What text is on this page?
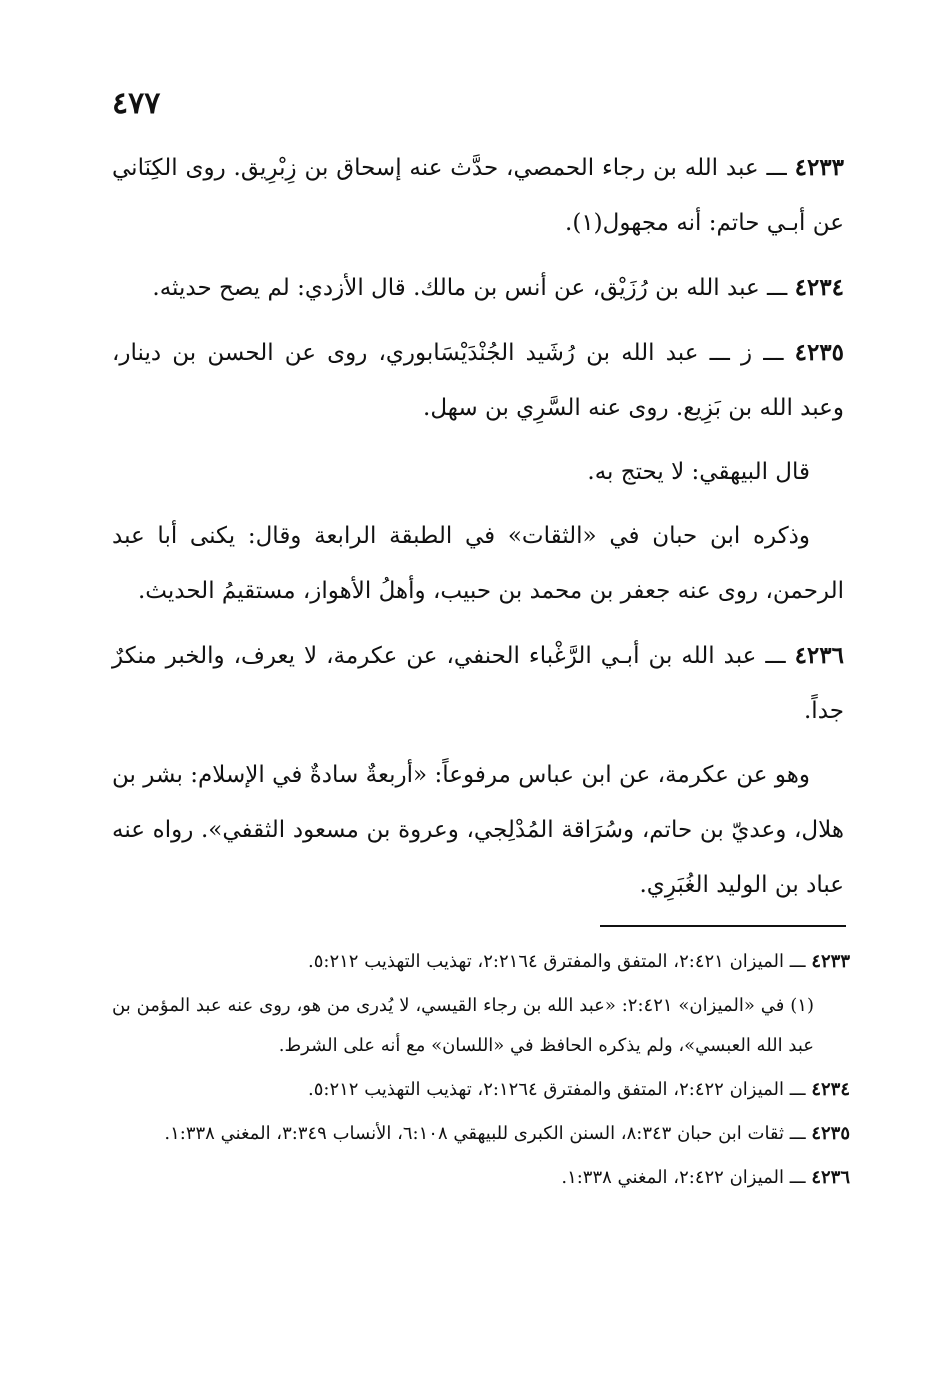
٤٧٧

٤٢٣٣ ـــ عبد الله بن رجاء الحمصي، حدَّث عنه إسحاق بن زِبْرِيق. روى الكِنَاني عن أبـي حاتم: أنه مجهول(١).

٤٢٣٤ ـــ عبد الله بن رُزَيْق، عن أنس بن مالك. قال الأزدي: لم يصح حديثه.

٤٢٣٥ ـــ ز ـــ عبد الله بن رُشَيد الجُنْدَيْسَابوري، روى عن الحسن بن دينار، وعبد الله بن بَزِيع. روى عنه السَّرِي بن سهل.

قال البيهقي: لا يحتج به.

وذكره ابن حبان في «الثقات» في الطبقة الرابعة وقال: يكنى أبا عبد الرحمن، روى عنه جعفر بن محمد بن حبيب، وأهلُ الأهواز، مستقيمُ الحديث.

٤٢٣٦ ـــ عبد الله بن أبـي الرَّغْباء الحنفي، عن عكرمة، لا يعرف، والخبر منكرٌ جداً.

وهو عن عكرمة، عن ابن عباس مرفوعاً: «أربعةٌ سادةٌ في الإسلام: بشر بن هلال، وعديّ بن حاتم، وسُرَاقة المُدْلِجي، وعروة بن مسعود الثقفي». رواه عنه عباد بن الوليد الغُبَرِي.

٤٢٣٣ ـــ الميزان ٢:٤٢١، المتفق والمفترق ٢:٢١٦٤، تهذيب التهذيب ٥:٢١٢.

(١) في «الميزان» ٢:٤٢١: «عبد الله بن رجاء القيسي، لا يُدرى من هو، روى عنه عبد المؤمن بن عبد الله العبسي»، ولم يذكره الحافظ في «اللسان» مع أنه على الشرط.

٤٢٣٤ ـــ الميزان ٢:٤٢٢، المتفق والمفترق ٢:١٢٦٤، تهذيب التهذيب ٥:٢١٢.

٤٢٣٥ ـــ ثقات ابن حبان ٨:٣٤٣، السنن الكبرى للبيهقي ٦:١٠٨، الأنساب ٣:٣٤٩، المغني ١:٣٣٨.

٤٢٣٦ ـــ الميزان ٢:٤٢٢، المغني ١:٣٣٨.
